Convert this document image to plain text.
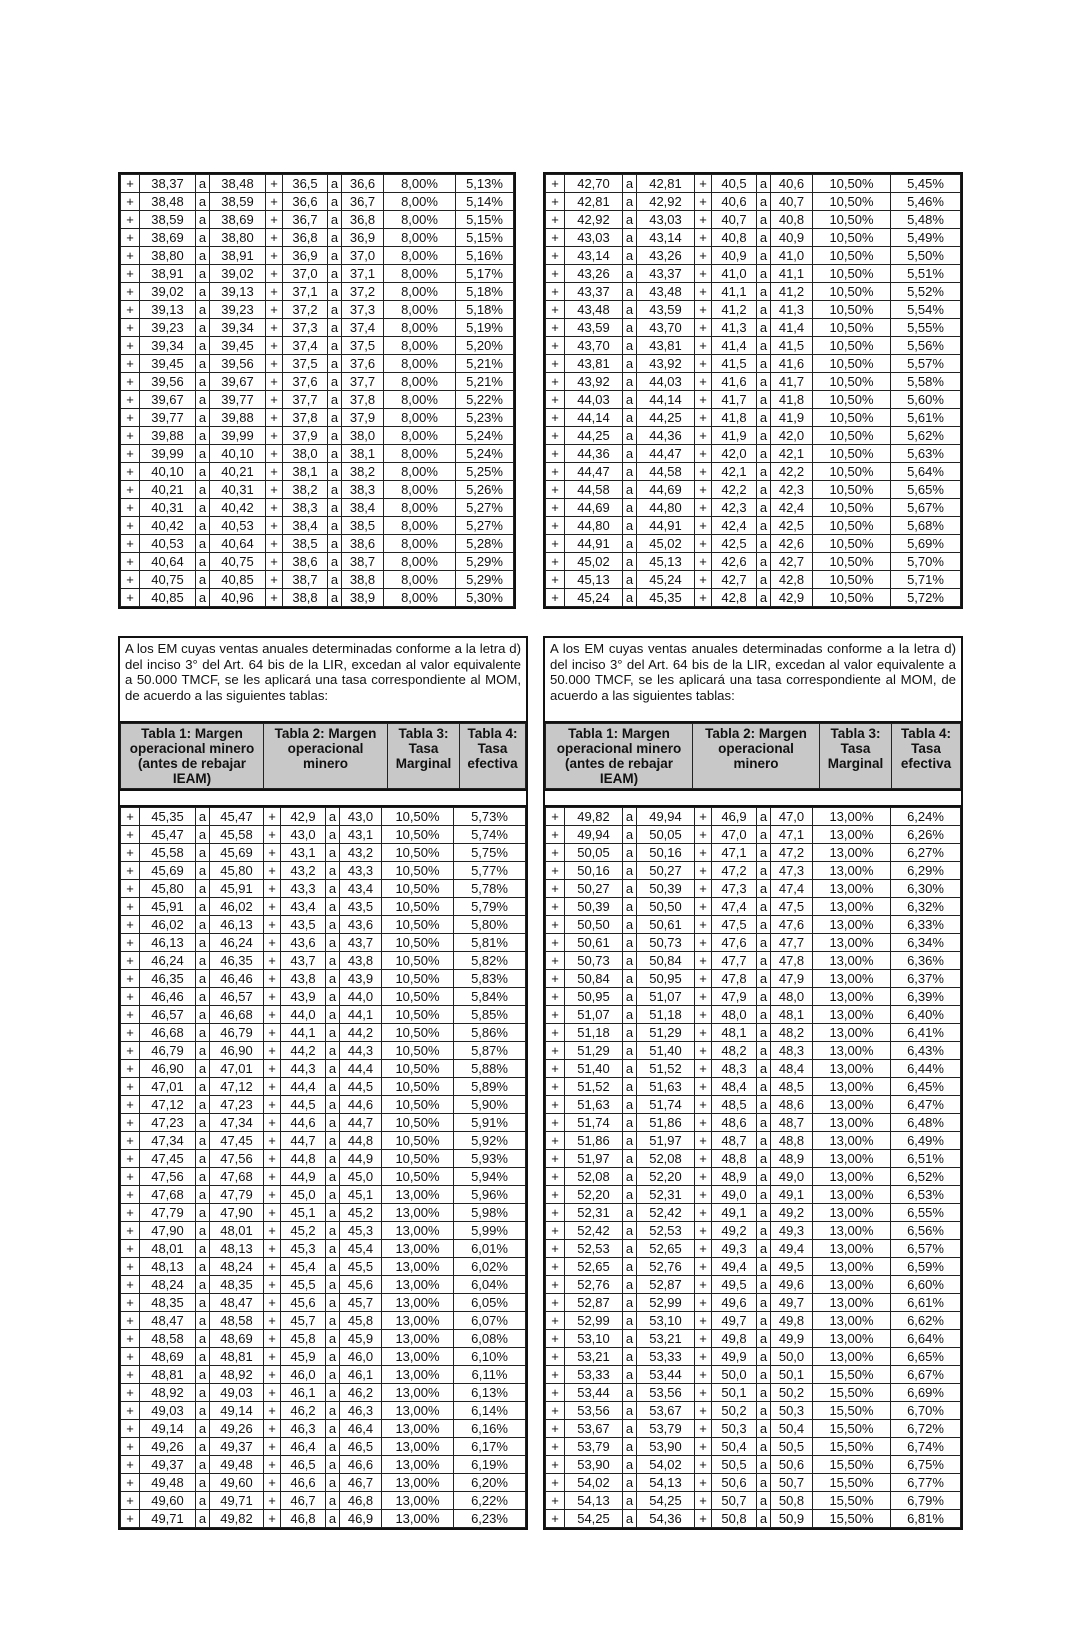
+	38,37	a	38,48	+	36,5	a	36,6	8,00%	5,13%
+	38,48	a	38,59	+	36,6	a	36,7	8,00%	5,14%
+	38,59	a	38,69	+	36,7	a	36,8	8,00%	5,15%
+	38,69	a	38,80	+	36,8	a	36,9	8,00%	5,15%
+	38,80	a	38,91	+	36,9	a	37,0	8,00%	5,16%
+	38,91	a	39,02	+	37,0	a	37,1	8,00%	5,17%
+	39,02	a	39,13	+	37,1	a	37,2	8,00%	5,18%
+	39,13	a	39,23	+	37,2	a	37,3	8,00%	5,18%
+	39,23	a	39,34	+	37,3	a	37,4	8,00%	5,19%
+	39,34	a	39,45	+	37,4	a	37,5	8,00%	5,20%
+	39,45	a	39,56	+	37,5	a	37,6	8,00%	5,21%
+	39,56	a	39,67	+	37,6	a	37,7	8,00%	5,21%
+	39,67	a	39,77	+	37,7	a	37,8	8,00%	5,22%
+	39,77	a	39,88	+	37,8	a	37,9	8,00%	5,23%
+	39,88	a	39,99	+	37,9	a	38,0	8,00%	5,24%
+	39,99	a	40,10	+	38,0	a	38,1	8,00%	5,24%
+	40,10	a	40,21	+	38,1	a	38,2	8,00%	5,25%
+	40,21	a	40,31	+	38,2	a	38,3	8,00%	5,26%
+	40,31	a	40,42	+	38,3	a	38,4	8,00%	5,27%
+	40,42	a	40,53	+	38,4	a	38,5	8,00%	5,27%
+	40,53	a	40,64	+	38,5	a	38,6	8,00%	5,28%
+	40,64	a	40,75	+	38,6	a	38,7	8,00%	5,29%
+	40,75	a	40,85	+	38,7	a	38,8	8,00%	5,29%
+	40,85	a	40,96	+	38,8	a	38,9	8,00%	5,30%
+	42,70	a	42,81	+	40,5	a	40,6	10,50%	5,45%
+	42,81	a	42,92	+	40,6	a	40,7	10,50%	5,46%
+	42,92	a	43,03	+	40,7	a	40,8	10,50%	5,48%
+	43,03	a	43,14	+	40,8	a	40,9	10,50%	5,49%
+	43,14	a	43,26	+	40,9	a	41,0	10,50%	5,50%
+	43,26	a	43,37	+	41,0	a	41,1	10,50%	5,51%
+	43,37	a	43,48	+	41,1	a	41,2	10,50%	5,52%
+	43,48	a	43,59	+	41,2	a	41,3	10,50%	5,54%
+	43,59	a	43,70	+	41,3	a	41,4	10,50%	5,55%
+	43,70	a	43,81	+	41,4	a	41,5	10,50%	5,56%
+	43,81	a	43,92	+	41,5	a	41,6	10,50%	5,57%
+	43,92	a	44,03	+	41,6	a	41,7	10,50%	5,58%
+	44,03	a	44,14	+	41,7	a	41,8	10,50%	5,60%
+	44,14	a	44,25	+	41,8	a	41,9	10,50%	5,61%
+	44,25	a	44,36	+	41,9	a	42,0	10,50%	5,62%
+	44,36	a	44,47	+	42,0	a	42,1	10,50%	5,63%
+	44,47	a	44,58	+	42,1	a	42,2	10,50%	5,64%
+	44,58	a	44,69	+	42,2	a	42,3	10,50%	5,65%
+	44,69	a	44,80	+	42,3	a	42,4	10,50%	5,67%
+	44,80	a	44,91	+	42,4	a	42,5	10,50%	5,68%
+	44,91	a	45,02	+	42,5	a	42,6	10,50%	5,69%
+	45,02	a	45,13	+	42,6	a	42,7	10,50%	5,70%
+	45,13	a	45,24	+	42,7	a	42,8	10,50%	5,71%
+	45,24	a	45,35	+	42,8	a	42,9	10,50%	5,72%
A los EM cuyas ventas anuales determinadas conforme a la letra d) del inciso 3° del Art. 64 bis de la LIR, excedan al valor equivalente a 50.000 TMCF, se les aplicará una tasa correspondiente al MOM, de acuerdo a las siguientes tablas:
Tabla 1: Margen operacional minero (antes de rebajar IEAM)	Tabla 2: Margen operacional minero	Tabla 3: Tasa Marginal	Tabla 4: Tasa efectiva
+	45,35	a	45,47	+	42,9	a	43,0	10,50%	5,73%
+	45,47	a	45,58	+	43,0	a	43,1	10,50%	5,74%
+	45,58	a	45,69	+	43,1	a	43,2	10,50%	5,75%
+	45,69	a	45,80	+	43,2	a	43,3	10,50%	5,77%
+	45,80	a	45,91	+	43,3	a	43,4	10,50%	5,78%
+	45,91	a	46,02	+	43,4	a	43,5	10,50%	5,79%
+	46,02	a	46,13	+	43,5	a	43,6	10,50%	5,80%
+	46,13	a	46,24	+	43,6	a	43,7	10,50%	5,81%
+	46,24	a	46,35	+	43,7	a	43,8	10,50%	5,82%
+	46,35	a	46,46	+	43,8	a	43,9	10,50%	5,83%
+	46,46	a	46,57	+	43,9	a	44,0	10,50%	5,84%
+	46,57	a	46,68	+	44,0	a	44,1	10,50%	5,85%
+	46,68	a	46,79	+	44,1	a	44,2	10,50%	5,86%
+	46,79	a	46,90	+	44,2	a	44,3	10,50%	5,87%
+	46,90	a	47,01	+	44,3	a	44,4	10,50%	5,88%
+	47,01	a	47,12	+	44,4	a	44,5	10,50%	5,89%
+	47,12	a	47,23	+	44,5	a	44,6	10,50%	5,90%
+	47,23	a	47,34	+	44,6	a	44,7	10,50%	5,91%
+	47,34	a	47,45	+	44,7	a	44,8	10,50%	5,92%
+	47,45	a	47,56	+	44,8	a	44,9	10,50%	5,93%
+	47,56	a	47,68	+	44,9	a	45,0	10,50%	5,94%
+	47,68	a	47,79	+	45,0	a	45,1	13,00%	5,96%
+	47,79	a	47,90	+	45,1	a	45,2	13,00%	5,98%
+	47,90	a	48,01	+	45,2	a	45,3	13,00%	5,99%
+	48,01	a	48,13	+	45,3	a	45,4	13,00%	6,01%
+	48,13	a	48,24	+	45,4	a	45,5	13,00%	6,02%
+	48,24	a	48,35	+	45,5	a	45,6	13,00%	6,04%
+	48,35	a	48,47	+	45,6	a	45,7	13,00%	6,05%
+	48,47	a	48,58	+	45,7	a	45,8	13,00%	6,07%
+	48,58	a	48,69	+	45,8	a	45,9	13,00%	6,08%
+	48,69	a	48,81	+	45,9	a	46,0	13,00%	6,10%
+	48,81	a	48,92	+	46,0	a	46,1	13,00%	6,11%
+	48,92	a	49,03	+	46,1	a	46,2	13,00%	6,13%
+	49,03	a	49,14	+	46,2	a	46,3	13,00%	6,14%
+	49,14	a	49,26	+	46,3	a	46,4	13,00%	6,16%
+	49,26	a	49,37	+	46,4	a	46,5	13,00%	6,17%
+	49,37	a	49,48	+	46,5	a	46,6	13,00%	6,19%
+	49,48	a	49,60	+	46,6	a	46,7	13,00%	6,20%
+	49,60	a	49,71	+	46,7	a	46,8	13,00%	6,22%
+	49,71	a	49,82	+	46,8	a	46,9	13,00%	6,23%
A los EM cuyas ventas anuales determinadas conforme a la letra d) del inciso 3° del Art. 64 bis de la LIR, excedan al valor equivalente a 50.000 TMCF, se les aplicará una tasa correspondiente al MOM, de acuerdo a las siguientes tablas:
Tabla 1: Margen operacional minero (antes de rebajar IEAM)	Tabla 2: Margen operacional minero	Tabla 3: Tasa Marginal	Tabla 4: Tasa efectiva
+	49,82	a	49,94	+	46,9	a	47,0	13,00%	6,24%
+	49,94	a	50,05	+	47,0	a	47,1	13,00%	6,26%
+	50,05	a	50,16	+	47,1	a	47,2	13,00%	6,27%
+	50,16	a	50,27	+	47,2	a	47,3	13,00%	6,29%
+	50,27	a	50,39	+	47,3	a	47,4	13,00%	6,30%
+	50,39	a	50,50	+	47,4	a	47,5	13,00%	6,32%
+	50,50	a	50,61	+	47,5	a	47,6	13,00%	6,33%
+	50,61	a	50,73	+	47,6	a	47,7	13,00%	6,34%
+	50,73	a	50,84	+	47,7	a	47,8	13,00%	6,36%
+	50,84	a	50,95	+	47,8	a	47,9	13,00%	6,37%
+	50,95	a	51,07	+	47,9	a	48,0	13,00%	6,39%
+	51,07	a	51,18	+	48,0	a	48,1	13,00%	6,40%
+	51,18	a	51,29	+	48,1	a	48,2	13,00%	6,41%
+	51,29	a	51,40	+	48,2	a	48,3	13,00%	6,43%
+	51,40	a	51,52	+	48,3	a	48,4	13,00%	6,44%
+	51,52	a	51,63	+	48,4	a	48,5	13,00%	6,45%
+	51,63	a	51,74	+	48,5	a	48,6	13,00%	6,47%
+	51,74	a	51,86	+	48,6	a	48,7	13,00%	6,48%
+	51,86	a	51,97	+	48,7	a	48,8	13,00%	6,49%
+	51,97	a	52,08	+	48,8	a	48,9	13,00%	6,51%
+	52,08	a	52,20	+	48,9	a	49,0	13,00%	6,52%
+	52,20	a	52,31	+	49,0	a	49,1	13,00%	6,53%
+	52,31	a	52,42	+	49,1	a	49,2	13,00%	6,55%
+	52,42	a	52,53	+	49,2	a	49,3	13,00%	6,56%
+	52,53	a	52,65	+	49,3	a	49,4	13,00%	6,57%
+	52,65	a	52,76	+	49,4	a	49,5	13,00%	6,59%
+	52,76	a	52,87	+	49,5	a	49,6	13,00%	6,60%
+	52,87	a	52,99	+	49,6	a	49,7	13,00%	6,61%
+	52,99	a	53,10	+	49,7	a	49,8	13,00%	6,62%
+	53,10	a	53,21	+	49,8	a	49,9	13,00%	6,64%
+	53,21	a	53,33	+	49,9	a	50,0	13,00%	6,65%
+	53,33	a	53,44	+	50,0	a	50,1	15,50%	6,67%
+	53,44	a	53,56	+	50,1	a	50,2	15,50%	6,69%
+	53,56	a	53,67	+	50,2	a	50,3	15,50%	6,70%
+	53,67	a	53,79	+	50,3	a	50,4	15,50%	6,72%
+	53,79	a	53,90	+	50,4	a	50,5	15,50%	6,74%
+	53,90	a	54,02	+	50,5	a	50,6	15,50%	6,75%
+	54,02	a	54,13	+	50,6	a	50,7	15,50%	6,77%
+	54,13	a	54,25	+	50,7	a	50,8	15,50%	6,79%
+	54,25	a	54,36	+	50,8	a	50,9	15,50%	6,81%
